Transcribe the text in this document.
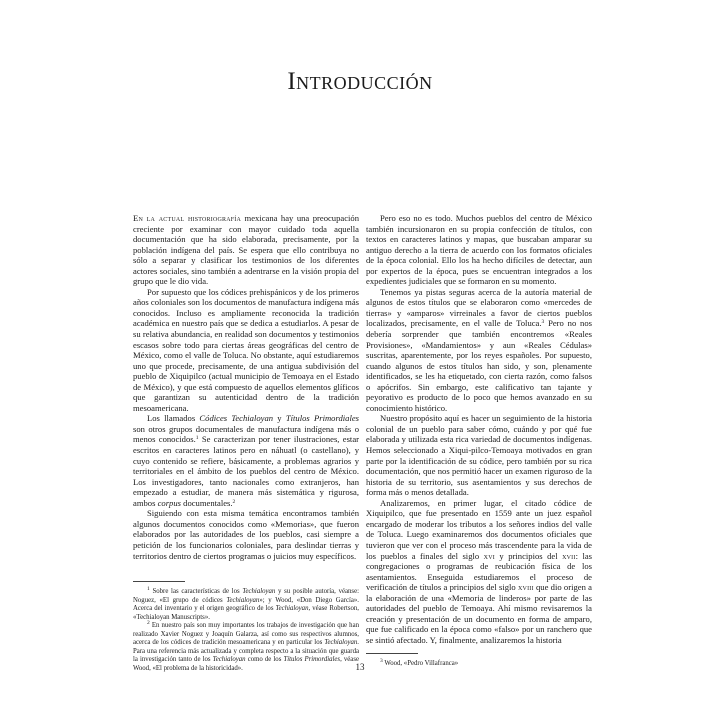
Introducción

En la actual historiografía mexicana hay una preocupación creciente por examinar con mayor cuidado toda aquella documentación que ha sido elaborada, precisamente, por la población indígena del país. Se espera que ello contribuya no sólo a separar y clasificar los testimonios de los diferentes actores sociales, sino también a adentrarse en la visión propia del grupo que le dio vida.

Por supuesto que los códices prehispánicos y de los primeros años coloniales son los documentos de manufactura indígena más conocidos. Incluso es ampliamente reconocida la tradición académica en nuestro país que se dedica a estudiarlos. A pesar de su relativa abundancia, en realidad son documentos y testimonios escasos sobre todo para ciertas áreas geográficas del centro de México, como el valle de Toluca. No obstante, aquí estudiaremos uno que procede, precisamente, de una antigua subdivisión del pueblo de Xiquipilco (actual municipio de Temoaya en el Estado de México), y que está compuesto de aquellos elementos glíficos que garantizan su autenticidad dentro de la tradición mesoamericana.

Los llamados Códices Techialoyan y Títulos Primordiales son otros grupos documentales de manufactura indígena más o menos conocidos.$^1$ Se caracterizan por tener ilustraciones, estar escritos en caracteres latinos pero en náhuatl (o castellano), y cuyo contenido se refiere, básicamente, a problemas agrarios y territoriales en el ámbito de los pueblos del centro de México. Los investigadores, tanto nacionales como extranjeros, han empezado a estudiar, de manera más sistemática y rigurosa, ambos corpus documentales.$^2$

Siguiendo con esta misma temática encontramos también algunos documentos conocidos como «Memorias», que fueron elaborados por las autoridades de los pueblos, casi siempre a petición de los funcionarios coloniales, para deslindar tierras y territorios dentro de ciertos programas o juicios muy específicos.

$^1$ Sobre las características de los Techialoyan y su posible autoría, véanse: Noguez, «El grupo de códices Techialoyan»; y Wood, «Don Diego García». Acerca del inventario y el origen geográfico de los Techialoyan, véase Robertson, «Techialoyan Manuscripts».

$^2$ En nuestro país son muy importantes los trabajos de investigación que han realizado Xavier Noguez y Joaquín Galarza, así como sus respectivos alumnos, acerca de los códices de tradición mesoamericana y en particular los Techialoyan. Para una referencia más actualizada y completa respecto a la situación que guarda la investigación tanto de los Techialoyan como de los Títulos Primordiales, véase Wood, «El problema de la historicidad».

Pero eso no es todo. Muchos pueblos del centro de México también incursionaron en su propia confección de títulos, con textos en caracteres latinos y mapas, que buscaban amparar su antiguo derecho a la tierra de acuerdo con los formatos oficiales de la época colonial. Ello los ha hecho difíciles de detectar, aun por expertos de la época, pues se encuentran integrados a los expedientes judiciales que se formaron en su momento.

Tenemos ya pistas seguras acerca de la autoría material de algunos de estos títulos que se elaboraron como «mercedes de tierras» y «amparos» virreinales a favor de ciertos pueblos localizados, precisamente, en el valle de Toluca.$^3$ Pero no nos debería sorprender que también encontremos «Reales Provisiones», «Mandamientos» y aun «Reales Cédulas» suscritas, aparentemente, por los reyes españoles. Por supuesto, cuando algunos de estos títulos han sido, y son, plenamente identificados, se les ha etiquetado, con cierta razón, como falsos o apócrifos. Sin embargo, este calificativo tan tajante y peyorativo es producto de lo poco que hemos avanzado en su conocimiento histórico.

Nuestro propósito aquí es hacer un seguimiento de la historia colonial de un pueblo para saber cómo, cuándo y por qué fue elaborada y utilizada esta rica variedad de documentos indígenas. Hemos seleccionado a Xiqui-pilco-Temoaya motivados en gran parte por la identificación de su códice, pero también por su rica documentación, que nos permitió hacer un examen riguroso de la historia de su territorio, sus asentamientos y sus derechos de forma más o menos detallada.

Analizaremos, en primer lugar, el citado códice de Xiquipilco, que fue presentado en 1559 ante un juez español encargado de moderar los tributos a los señores indios del valle de Toluca. Luego examinaremos dos documentos oficiales que tuvieron que ver con el proceso más trascendente para la vida de los pueblos a finales del siglo xvi y principios del xvii: las congregaciones o programas de reubicación física de los asentamientos. Enseguida estudiaremos el proceso de verificación de títulos a principios del siglo xviii que dio origen a la elaboración de una «Memoria de linderos» por parte de las autoridades del pueblo de Temoaya. Ahí mismo revisaremos la creación y presentación de un documento en forma de amparo, que fue calificado en la época como «falso» por un ranchero que se sintió afectado. Y, finalmente, analizaremos la historia

$^3$ Wood, «Pedro Villafranca»

13
